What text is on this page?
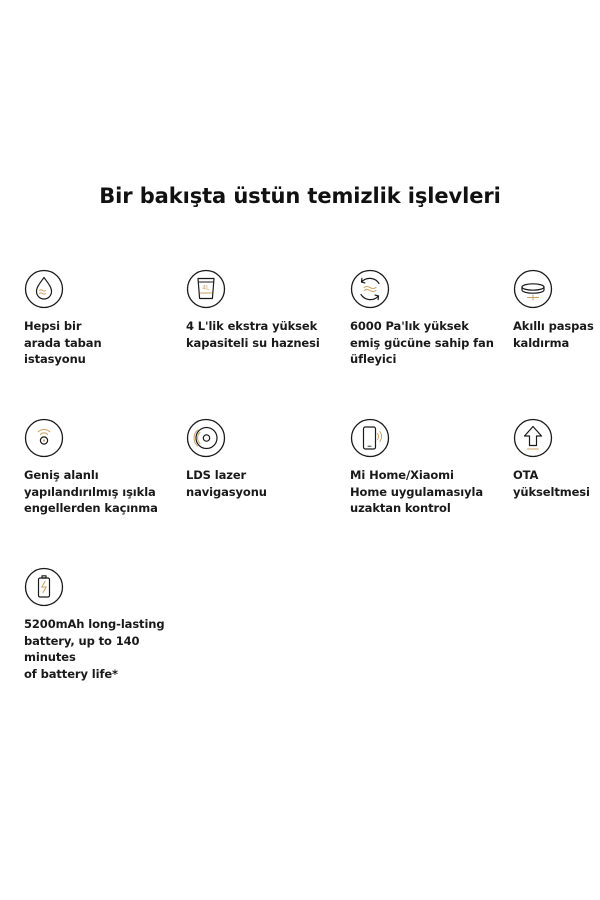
Bir bakışta üstün temizlik işlevleri
Hepsi bir
arada taban
istasyonu
4L
4 L'lik ekstra yüksek
kapasiteli su haznesi
6000 Pa'lık yüksek
emiş gücüne sahip fan
üfleyici
Akıllı paspas
kaldırma
Geniş alanlı
yapılandırılmış ışıkla
engellerden kaçınma
LDS lazer
navigasyonu
Mi Home/Xiaomi
Home uygulamasıyla
uzaktan kontrol
OTA
yükseltmesi
5200mAh long-lasting
battery, up to 140 minutes
of battery life*
